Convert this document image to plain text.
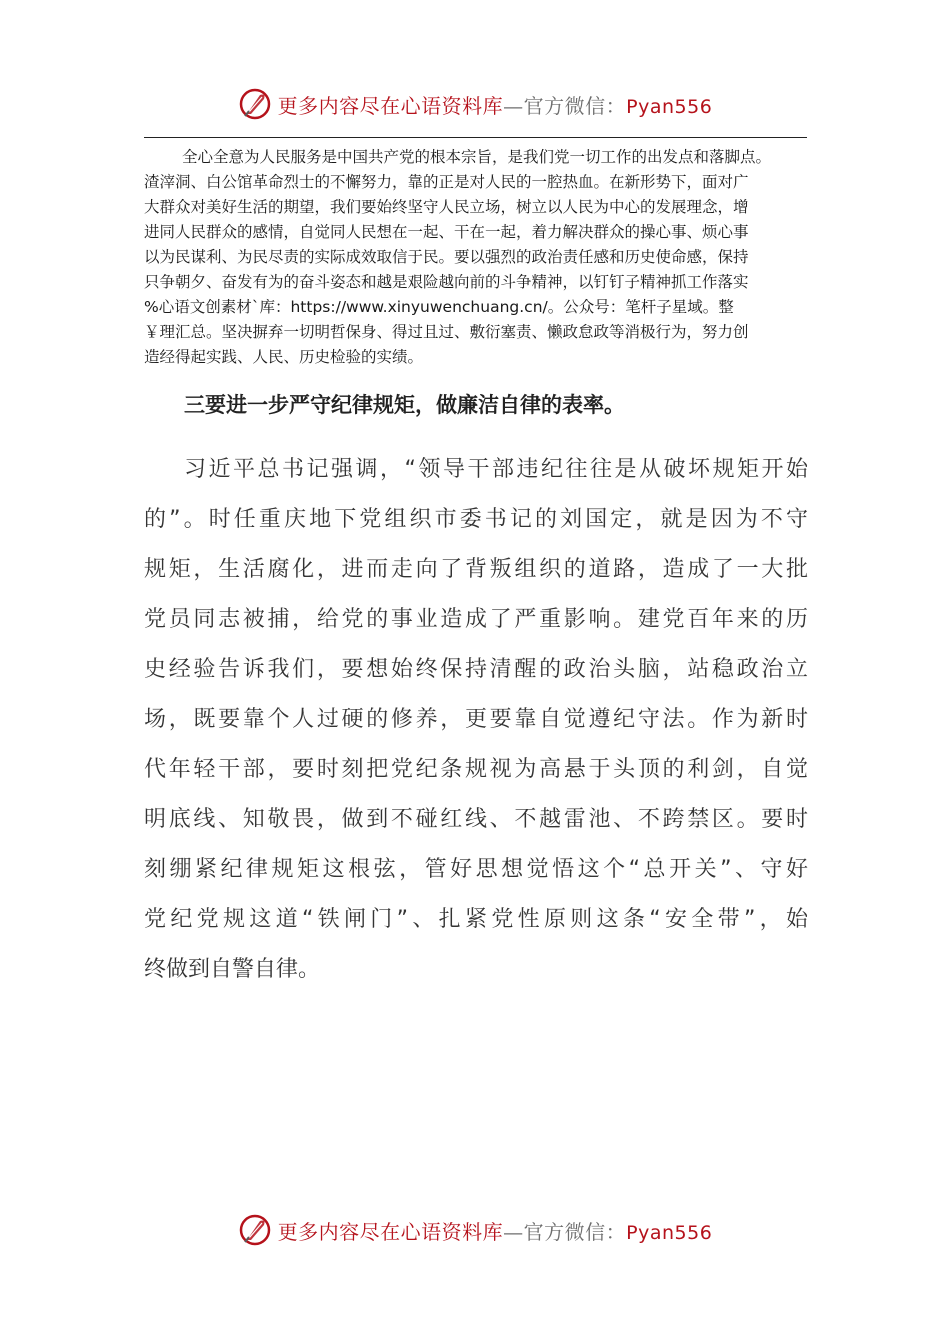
更多内容尽在心语资料库—官方微信：Pyan556

全心全意为人民服务是中国共产党的根本宗旨，是我们党一切工作的出发点和落脚点。
渣滓洞、白公馆革命烈士的不懈努力，靠的正是对人民的一腔热血。在新形势下，面对广
大群众对美好生活的期望，我们要始终坚守人民立场，树立以人民为中心的发展理念，增
进同人民群众的感情，自觉同人民想在一起、干在一起，着力解决群众的操心事、烦心事
以为民谋利、为民尽责的实际成效取信于民。要以强烈的政治责任感和历史使命感，保持
只争朝夕、奋发有为的奋斗姿态和越是艰险越向前的斗争精神，以钉钉子精神抓工作落实
%心语文创素材`库：https://www.xinyuwenchuang.cn/。公众号：笔杆子星域。整
￥理汇总。坚决摒弃一切明哲保身、得过且过、敷衍塞责、懒政怠政等消极行为，努力创
造经得起实践、人民、历史检验的实绩。

三要进一步严守纪律规矩，做廉洁自律的表率。
习近平总书记强调，“领导干部违纪往往是从破坏规矩开始
的”。时任重庆地下党组织市委书记的刘国定，就是因为不守
规矩，生活腐化，进而走向了背叛组织的道路，造成了一大批
党员同志被捕，给党的事业造成了严重影响。建党百年来的历
史经验告诉我们，要想始终保持清醒的政治头脑，站稳政治立
场，既要靠个人过硬的修养，更要靠自觉遵纪守法。作为新时
代年轻干部，要时刻把党纪条规视为高悬于头顶的利剑，自觉
明底线、知敬畏，做到不碰红线、不越雷池、不跨禁区。要时
刻绷紧纪律规矩这根弦，管好思想觉悟这个“总开关”、守好
党纪党规这道“铁闸门”、扎紧党性原则这条“安全带”，始
终做到自警自律。
更多内容尽在心语资料库—官方微信：Pyan556
